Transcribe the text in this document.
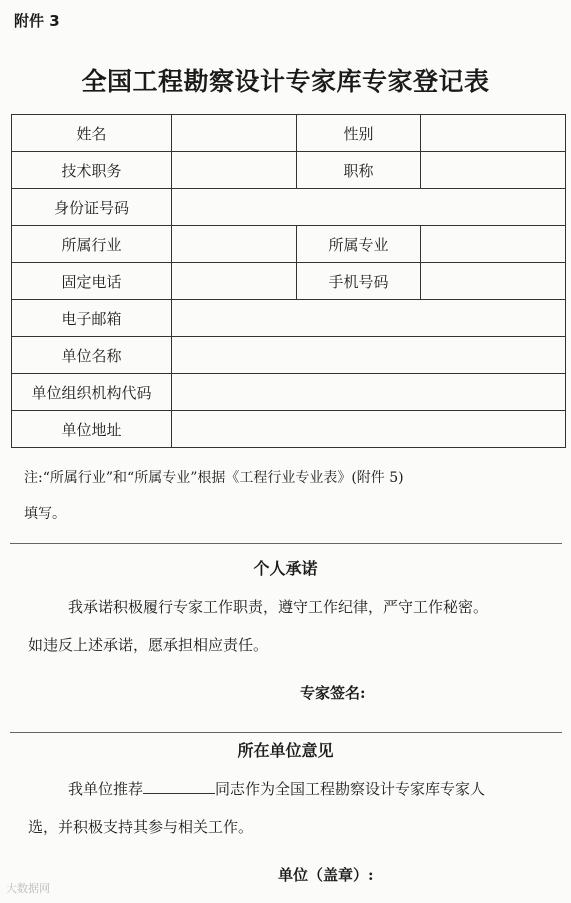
附件 3
全国工程勘察设计专家库专家登记表
姓名		性别	
技术职务		职称	
身份证号码			
所属行业		所属专业	
固定电话		手机号码	
电子邮箱			
单位名称			
单位组织机构代码			
单位地址			
注:“所属行业”和“所属专业”根据《工程行业专业表》(附件 5)
填写。
个人承诺
我承诺积极履行专家工作职责，遵守工作纪律，严守工作秘密。
如违反上述承诺，愿承担相应责任。
专家签名:
所在单位意见
我单位推荐	同志作为全国工程勘察设计专家库专家人
选，并积极支持其参与相关工作。
单位（盖章）:
大数据网
